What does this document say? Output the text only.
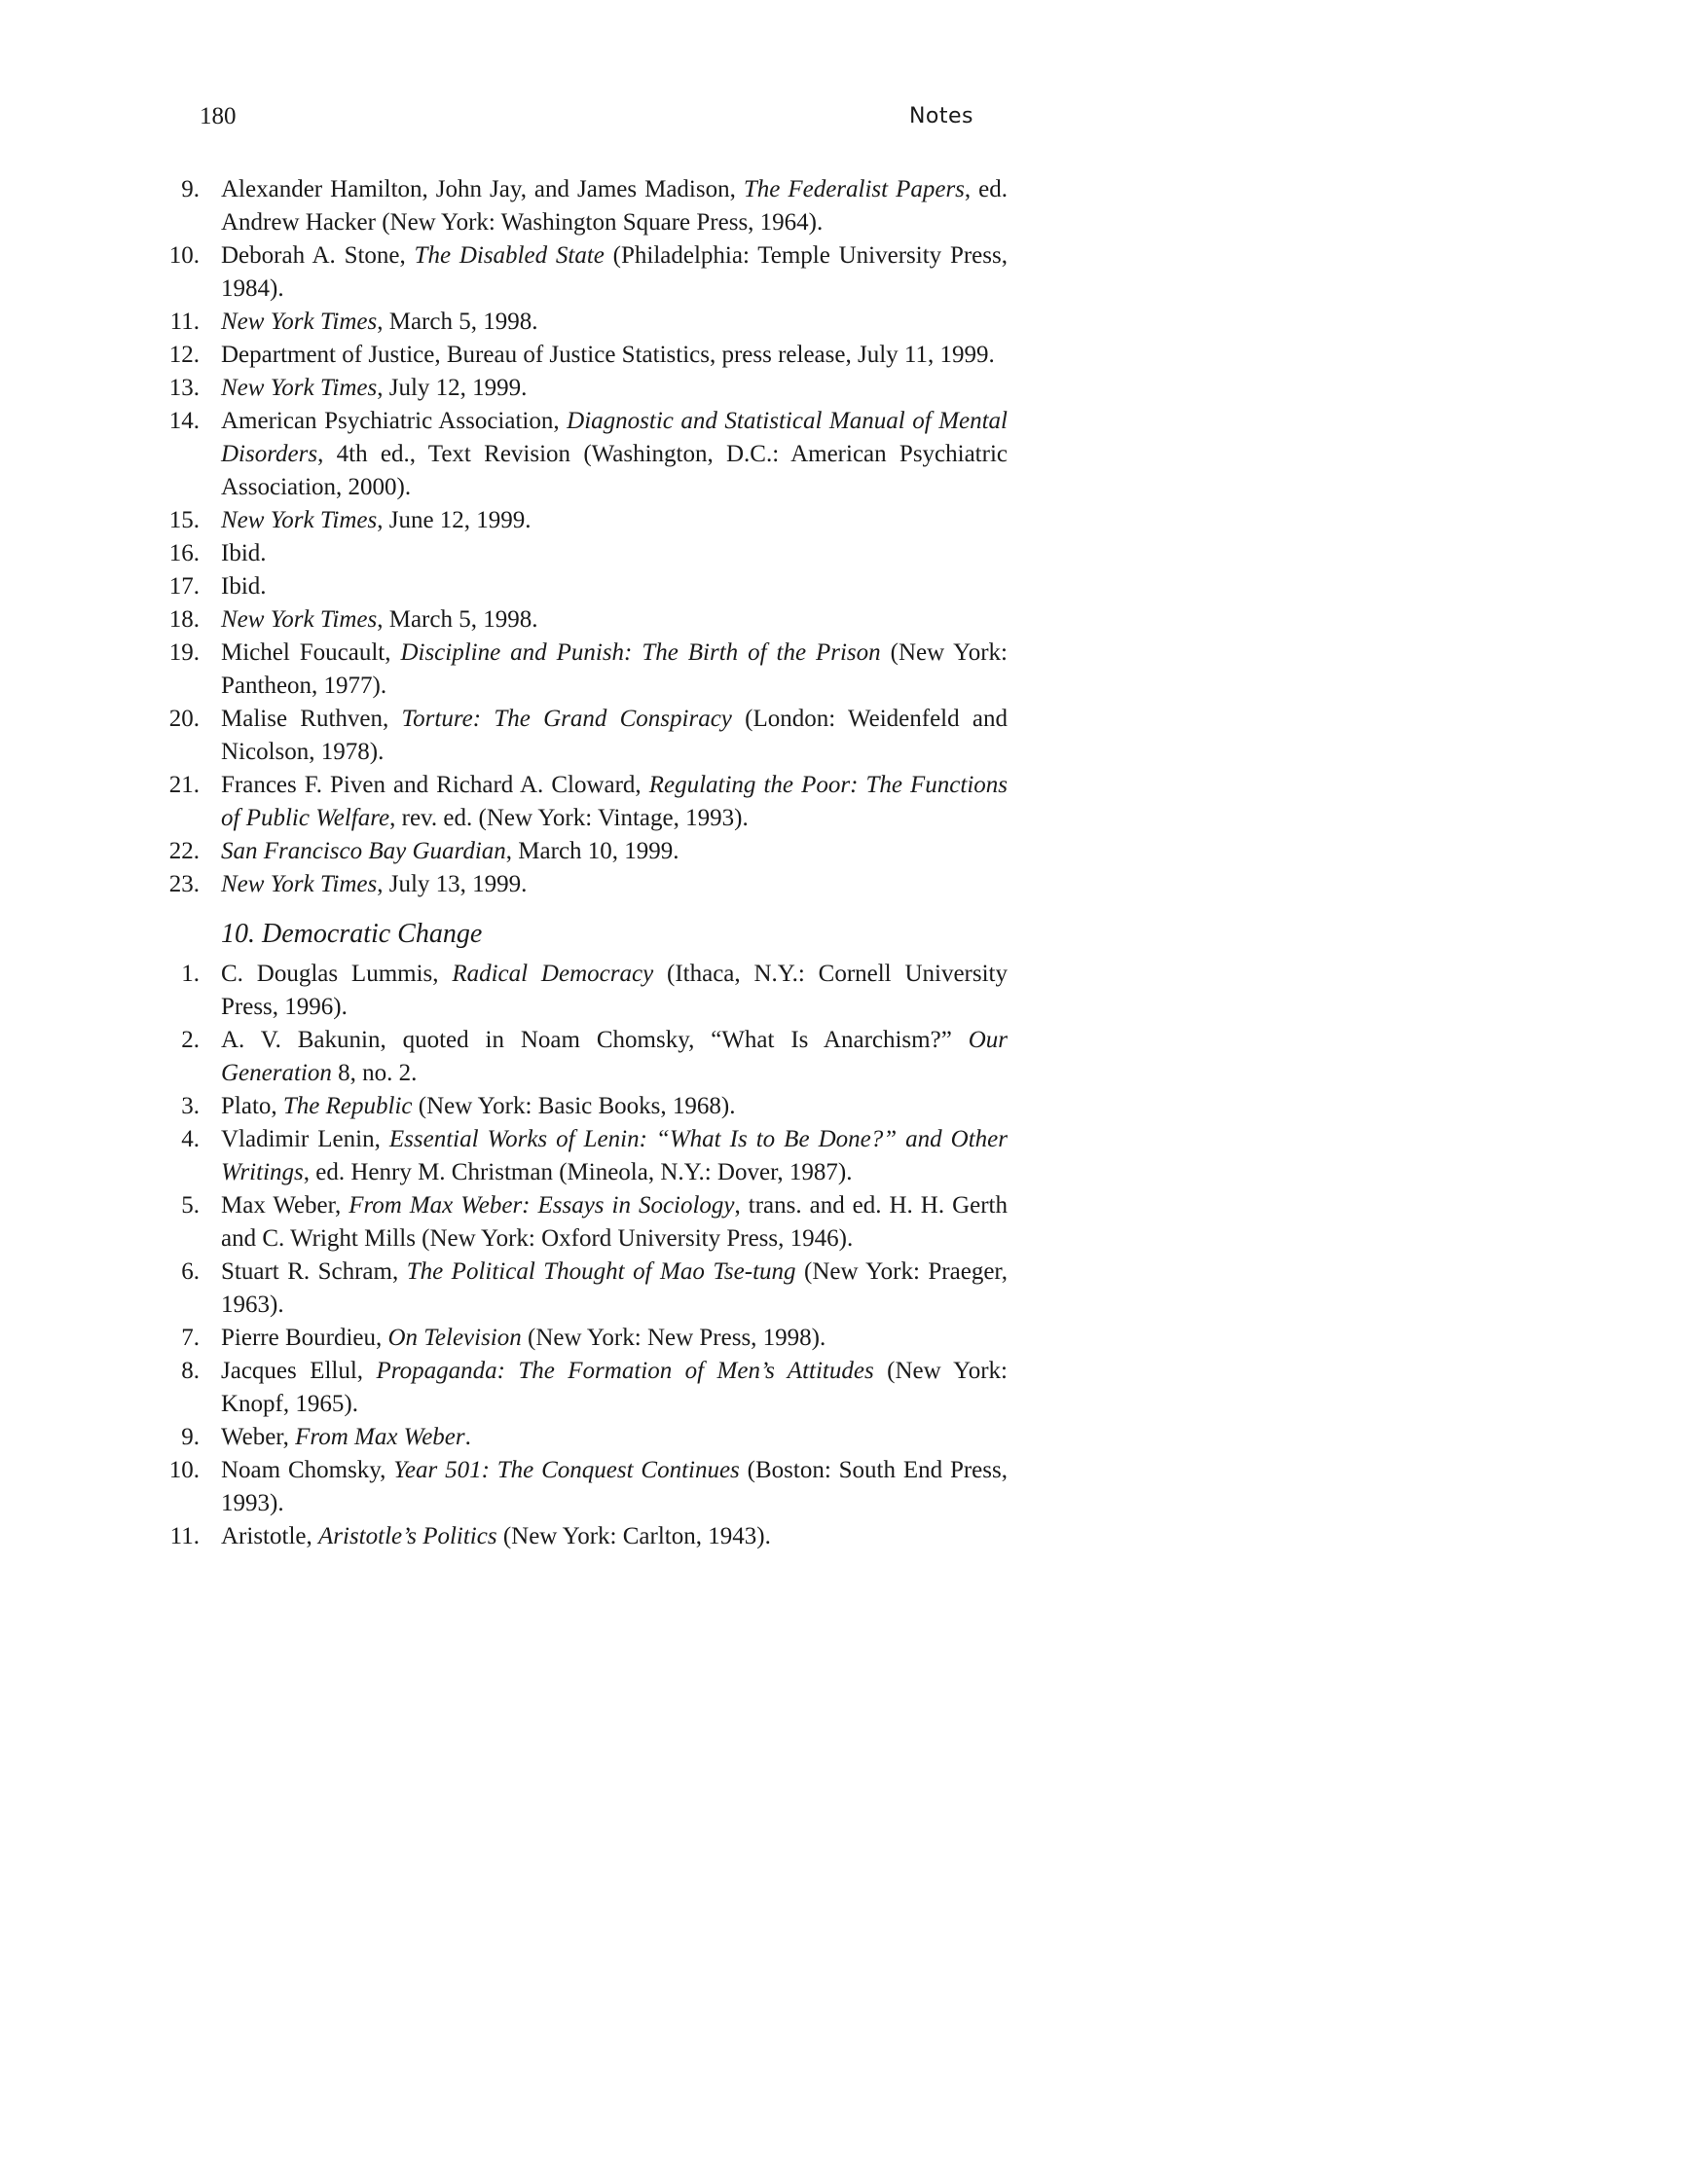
180	Notes
9. Alexander Hamilton, John Jay, and James Madison, The Federalist Papers, ed. Andrew Hacker (New York: Washington Square Press, 1964).
10. Deborah A. Stone, The Disabled State (Philadelphia: Temple University Press, 1984).
11. New York Times, March 5, 1998.
12. Department of Justice, Bureau of Justice Statistics, press release, July 11, 1999.
13. New York Times, July 12, 1999.
14. American Psychiatric Association, Diagnostic and Statistical Manual of Mental Disorders, 4th ed., Text Revision (Washington, D.C.: American Psychiatric Association, 2000).
15. New York Times, June 12, 1999.
16. Ibid.
17. Ibid.
18. New York Times, March 5, 1998.
19. Michel Foucault, Discipline and Punish: The Birth of the Prison (New York: Pantheon, 1977).
20. Malise Ruthven, Torture: The Grand Conspiracy (London: Weidenfeld and Nicolson, 1978).
21. Frances F. Piven and Richard A. Cloward, Regulating the Poor: The Functions of Public Welfare, rev. ed. (New York: Vintage, 1993).
22. San Francisco Bay Guardian, March 10, 1999.
23. New York Times, July 13, 1999.
10. Democratic Change
1. C. Douglas Lummis, Radical Democracy (Ithaca, N.Y.: Cornell University Press, 1996).
2. A. V. Bakunin, quoted in Noam Chomsky, “What Is Anarchism?” Our Generation 8, no. 2.
3. Plato, The Republic (New York: Basic Books, 1968).
4. Vladimir Lenin, Essential Works of Lenin: “What Is to Be Done?” and Other Writings, ed. Henry M. Christman (Mineola, N.Y.: Dover, 1987).
5. Max Weber, From Max Weber: Essays in Sociology, trans. and ed. H. H. Gerth and C. Wright Mills (New York: Oxford University Press, 1946).
6. Stuart R. Schram, The Political Thought of Mao Tse-tung (New York: Praeger, 1963).
7. Pierre Bourdieu, On Television (New York: New Press, 1998).
8. Jacques Ellul, Propaganda: The Formation of Men’s Attitudes (New York: Knopf, 1965).
9. Weber, From Max Weber.
10. Noam Chomsky, Year 501: The Conquest Continues (Boston: South End Press, 1993).
11. Aristotle, Aristotle’s Politics (New York: Carlton, 1943).
